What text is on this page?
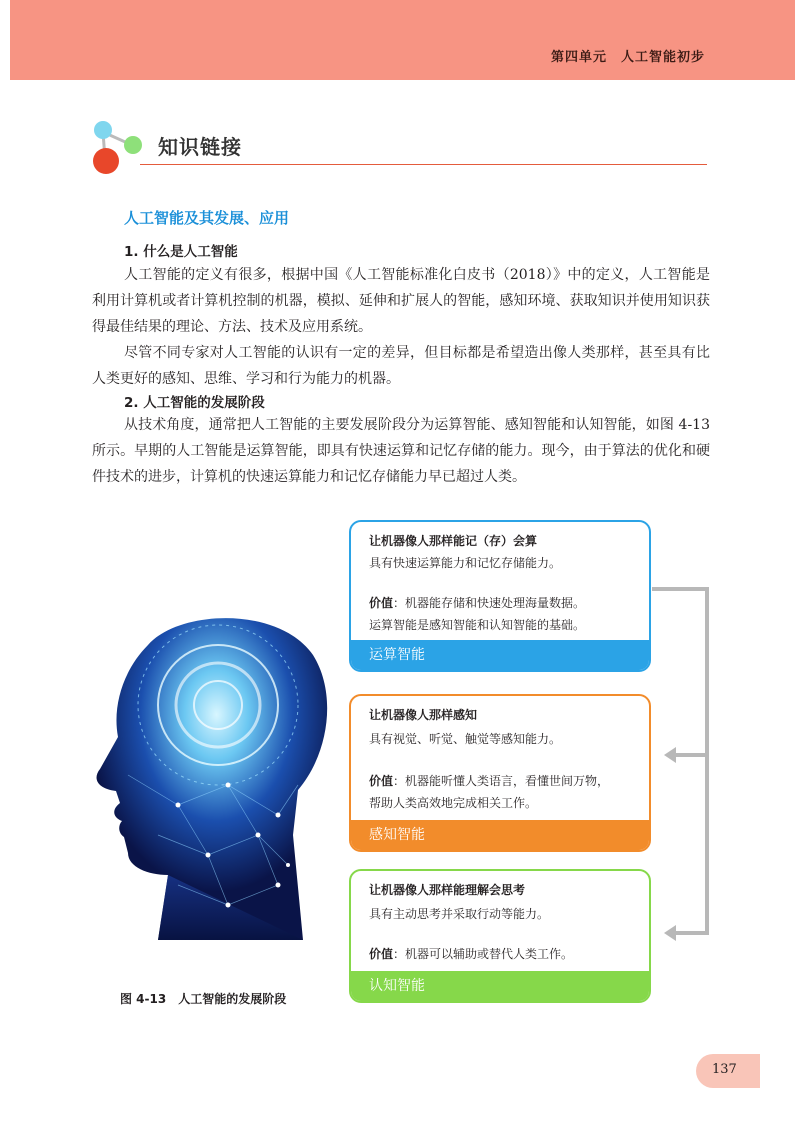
第四单元　人工智能初步
知识链接
人工智能及其发展、应用
1. 什么是人工智能

人工智能的定义有很多，根据中国《人工智能标准化白皮书（2018）》中的定义，人工智能是利用计算机或者计算机控制的机器，模拟、延伸和扩展人的智能，感知环境、获取知识并使用知识获得最佳结果的理论、方法、技术及应用系统。

尽管不同专家对人工智能的认识有一定的差异，但目标都是希望造出像人类那样，甚至具有比人类更好的感知、思维、学习和行为能力的机器。

2. 人工智能的发展阶段

从技术角度，通常把人工智能的主要发展阶段分为运算智能、感知智能和认知智能，如图 4-13 所示。早期的人工智能是运算智能，即具有快速运算和记忆存储的能力。现今，由于算法的优化和硬件技术的进步，计算机的快速运算能力和记忆存储能力早已超过人类。

图 4-13　人工智能的发展阶段
让机器像人那样能记（存）会算
具有快速运算能力和记忆存储能力。
价值：机器能存储和快速处理海量数据。
运算智能是感知智能和认知智能的基础。
运算智能
让机器像人那样感知
具有视觉、听觉、触觉等感知能力。
价值：机器能听懂人类语言，看懂世间万物，
帮助人类高效地完成相关工作。
感知智能
让机器像人那样能理解会思考
具有主动思考并采取行动等能力。
价值：机器可以辅助或替代人类工作。
认知智能
137
